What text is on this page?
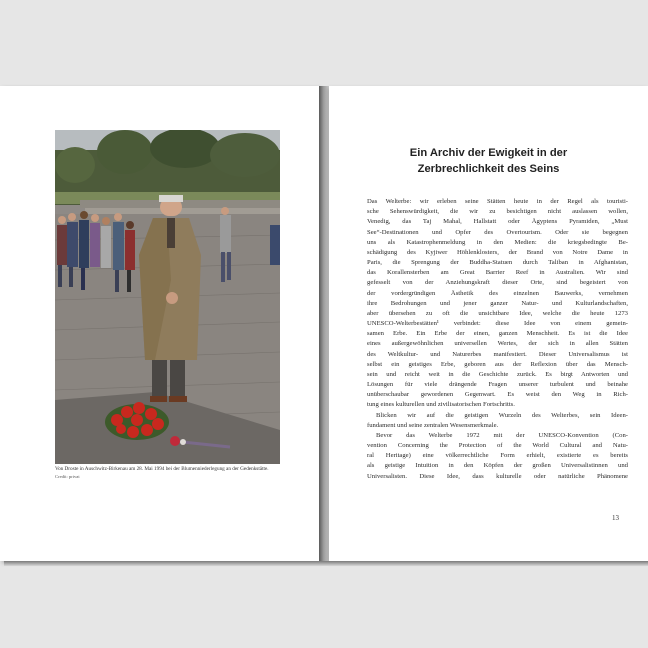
Von Droste in Auschwitz-Birkenau am 28. Mai 1994 bei der Blumenniederlegung an der Gedenkstätte. Credit: privat
Ein Archiv der Ewigkeit in der
Zerbrechlichkeit des Seins
Das Welterbe: wir erleben seine Stätten heute in der Regel als touristi-
sche Sehenswürdigkeit, die wir zu besichtigen nicht auslassen wollen,
Venedig, das Taj Mahal, Hallstatt oder Ägyptens Pyramiden, „Must
See“-Destinationen und Opfer des Overtourism. Oder sie begegnen
uns als Katastrophenmeldung in den Medien: die kriegsbedingte Be-
schädigung des Kyjiwer Höhlenklosters, der Brand von Notre Dame in
Paris, die Sprengung der Buddha-Statuen durch Taliban in Afghanistan,
das Korallensterben am Great Barrier Reef in Australien. Wir sind
gefesselt von der Anziehungskraft dieser Orte, sind begeistert von
der vordergründigen Ästhetik des einzelnen Bauwerks, vernehmen
ihre Bedrohungen und jener ganzer Natur- und Kulturlandschaften,
aber übersehen zu oft die unsichtbare Idee, welche die heute 1273
UNESCO-Welterbestätten¹ verbindet: diese Idee von einem gemein-
samen Erbe. Ein Erbe der einen, ganzen Menschheit. Es ist die Idee
eines außergewöhnlichen universellen Wertes, der sich in allen Stätten
des Weltkultur- und Naturerbes manifestiert. Dieser Universalismus ist
selbst ein geistiges Erbe, geboren aus der Reflexion über das Mensch-
sein und reicht weit in die Geschichte zurück. Es birgt Antworten und
Lösungen für viele drängende Fragen unserer turbulent und beinahe
unüberschaubar gewordenen Gegenwart. Es weist den Weg in Rich-
tung eines kulturellen und zivilisatorischen Fortschritts.
Blicken wir auf die geistigen Wurzeln des Welterbes, sein Ideen-
fundament und seine zentralen Wesensmerkmale.
Bevor das Welterbe 1972 mit der UNESCO-Konvention (Con-
vention Concerning the Protection of the World Cultural and Natu-
ral Heritage) eine völkerrechtliche Form erhielt, existierte es bereits
als geistige Intuition in den Köpfen der großen Universalistinnen und
Universalisten. Diese Idee, dass kulturelle oder natürliche Phänomene
13
